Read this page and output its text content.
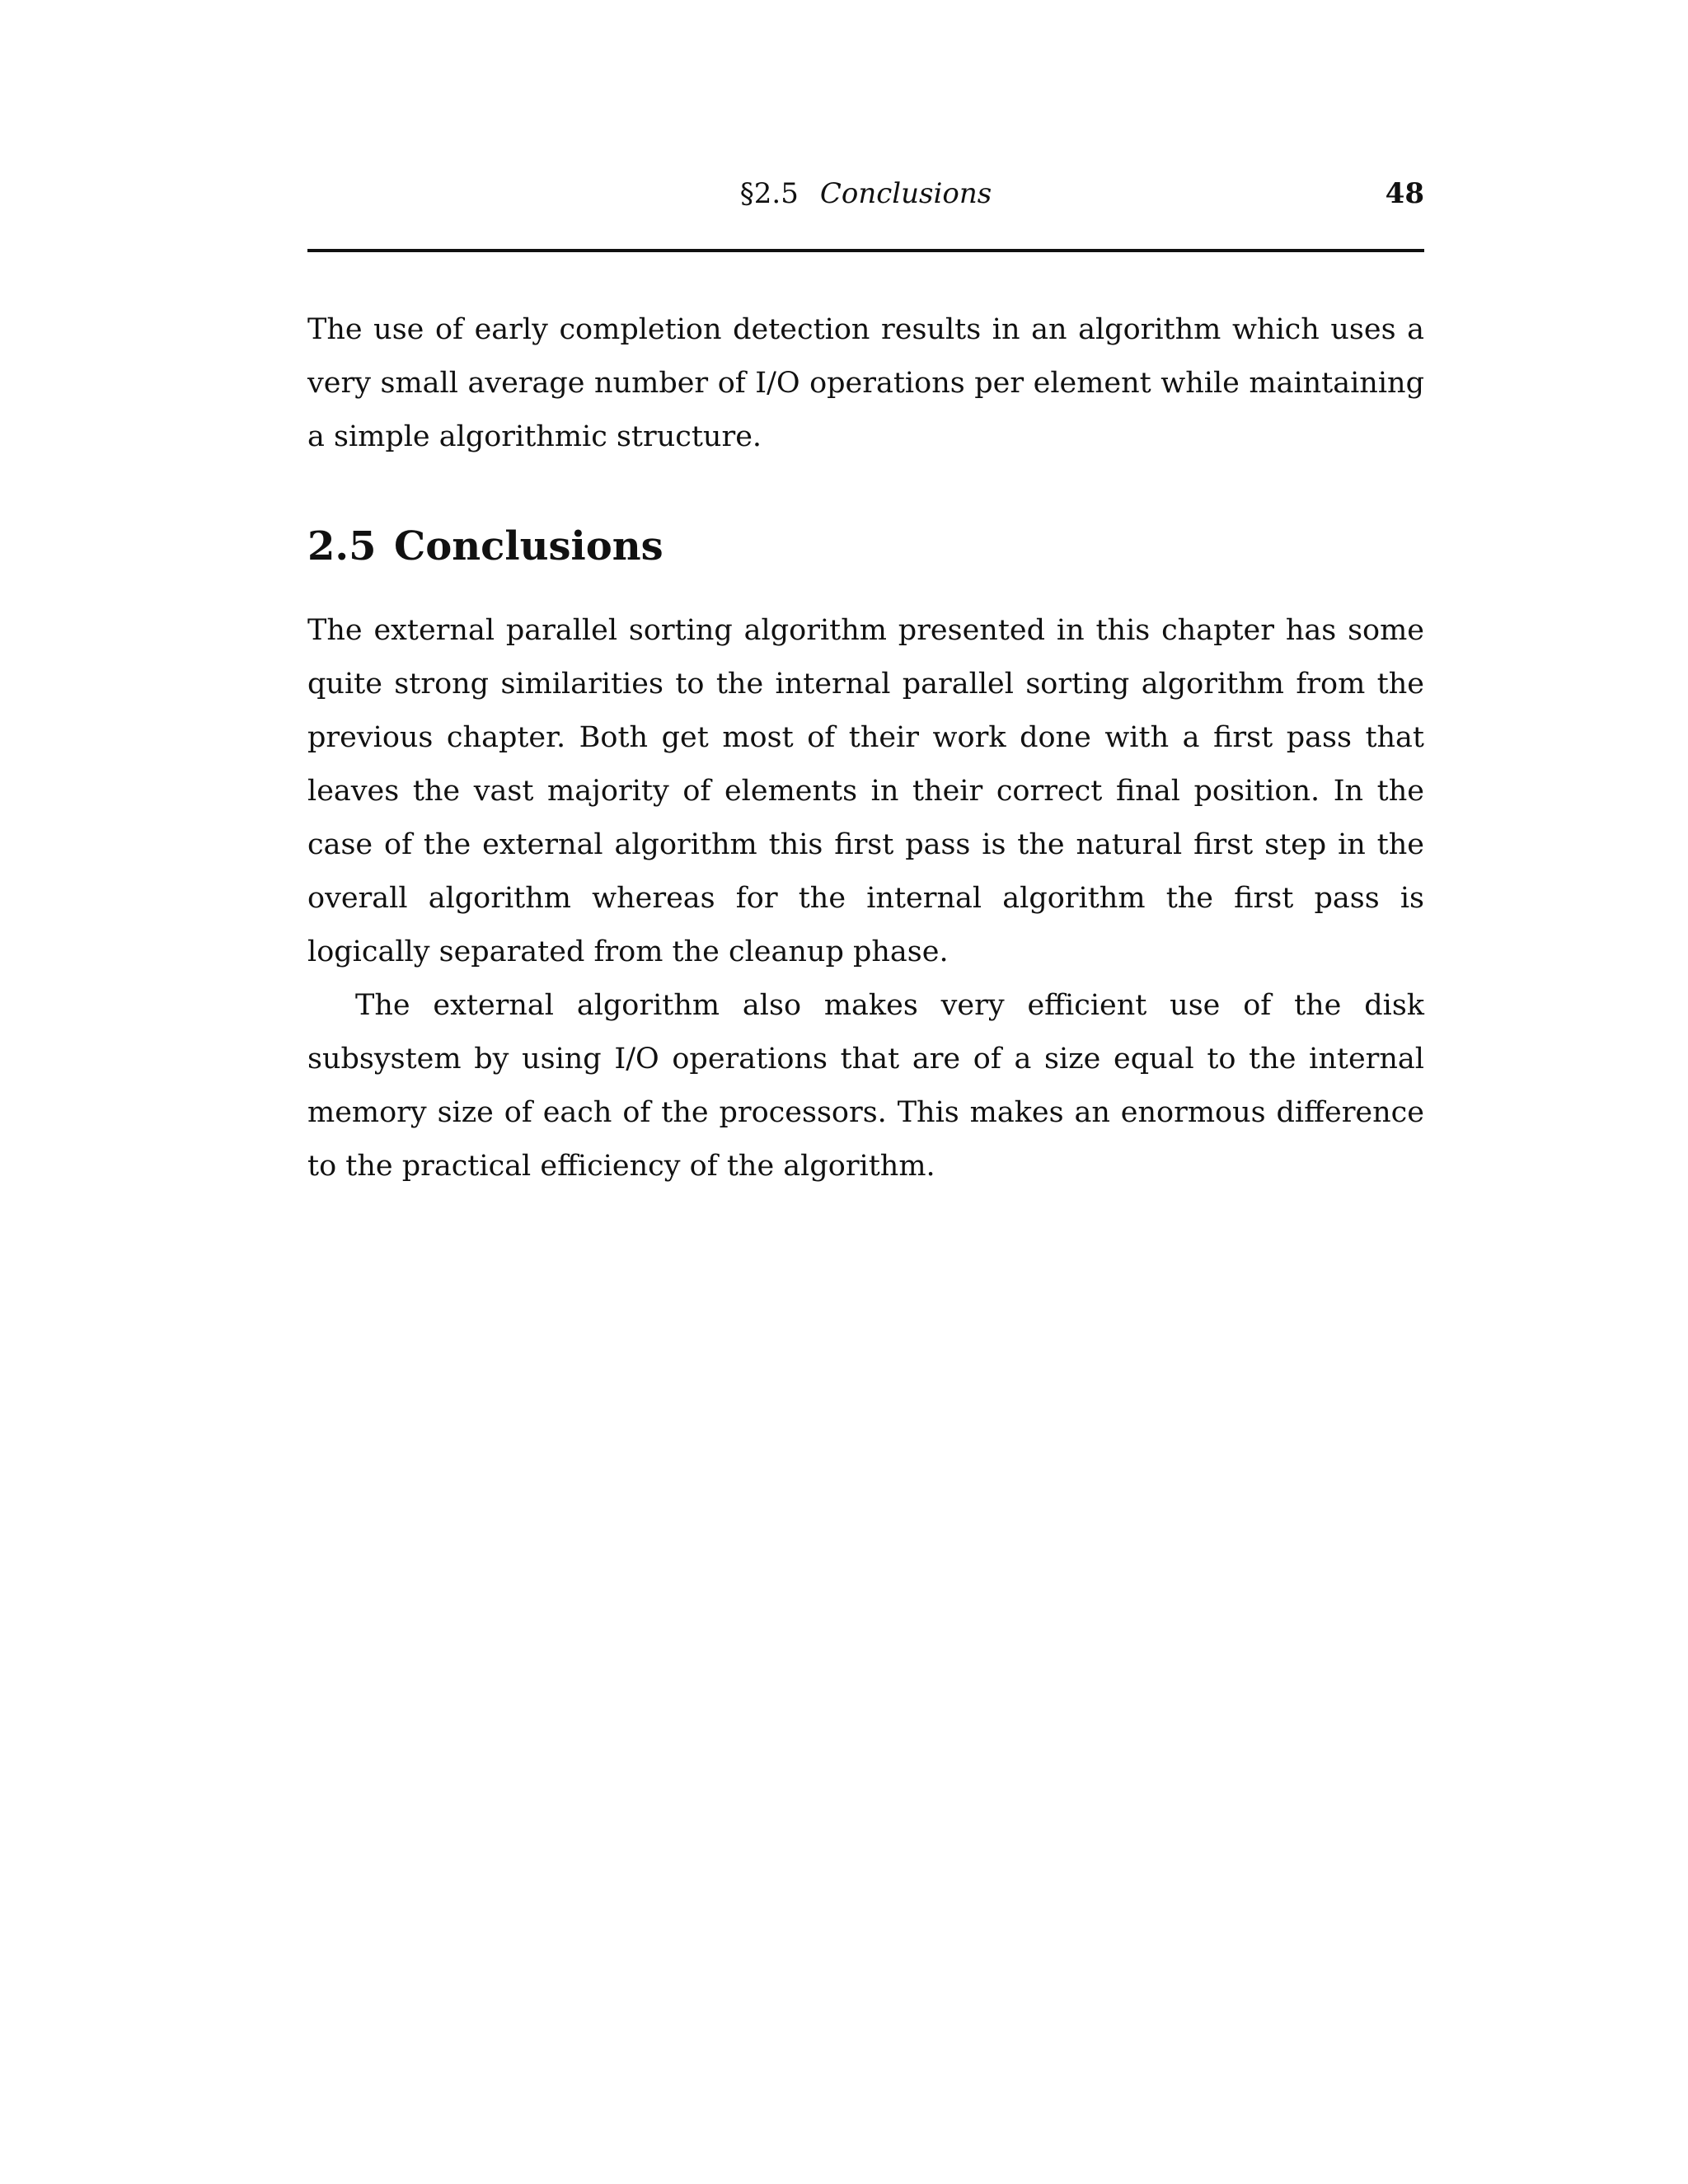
§2.5 Conclusions	48

The use of early completion detection results in an algorithm which uses a very small average number of I/O operations per element while maintaining a simple algorithmic structure.

2.5 Conclusions

The external parallel sorting algorithm presented in this chapter has some quite strong similarities to the internal parallel sorting algorithm from the previous chapter. Both get most of their work done with a first pass that leaves the vast majority of elements in their correct final position. In the case of the external algorithm this first pass is the natural first step in the overall algorithm whereas for the internal algorithm the first pass is logically separated from the cleanup phase.

The external algorithm also makes very efficient use of the disk subsystem by using I/O operations that are of a size equal to the internal memory size of each of the processors. This makes an enormous difference to the practical efficiency of the algorithm.
